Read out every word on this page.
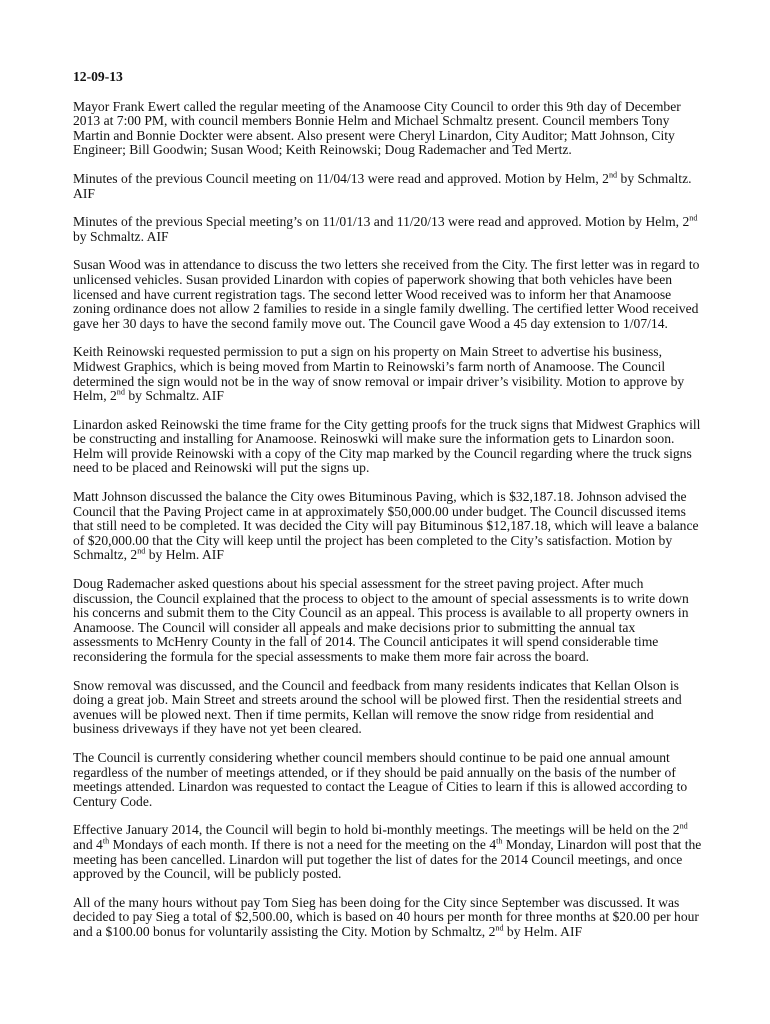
12-09-13

Mayor Frank Ewert called the regular meeting of the Anamoose City Council to order this 9th day of December 2013 at 7:00 PM, with council members Bonnie Helm and Michael Schmaltz present. Council members Tony Martin and Bonnie Dockter were absent. Also present were Cheryl Linardon, City Auditor; Matt Johnson, City Engineer; Bill Goodwin; Susan Wood; Keith Reinowski; Doug Rademacher and Ted Mertz.

Minutes of the previous Council meeting on 11/04/13 were read and approved. Motion by Helm, 2nd by Schmaltz. AIF

Minutes of the previous Special meeting’s on 11/01/13 and 11/20/13 were read and approved. Motion by Helm, 2nd by Schmaltz. AIF

Susan Wood was in attendance to discuss the two letters she received from the City. The first letter was in regard to unlicensed vehicles. Susan provided Linardon with copies of paperwork showing that both vehicles have been licensed and have current registration tags. The second letter Wood received was to inform her that Anamoose zoning ordinance does not allow 2 families to reside in a single family dwelling. The certified letter Wood received gave her 30 days to have the second family move out. The Council gave Wood a 45 day extension to 1/07/14.

Keith Reinowski requested permission to put a sign on his property on Main Street to advertise his business, Midwest Graphics, which is being moved from Martin to Reinowski’s farm north of Anamoose. The Council determined the sign would not be in the way of snow removal or impair driver’s visibility. Motion to approve by Helm, 2nd by Schmaltz. AIF

Linardon asked Reinowski the time frame for the City getting proofs for the truck signs that Midwest Graphics will be constructing and installing for Anamoose. Reinoswki will make sure the information gets to Linardon soon. Helm will provide Reinowski with a copy of the City map marked by the Council regarding where the truck signs need to be placed and Reinowski will put the signs up.

Matt Johnson discussed the balance the City owes Bituminous Paving, which is $32,187.18. Johnson advised the Council that the Paving Project came in at approximately $50,000.00 under budget. The Council discussed items that still need to be completed. It was decided the City will pay Bituminous $12,187.18, which will leave a balance of $20,000.00 that the City will keep until the project has been completed to the City’s satisfaction. Motion by Schmaltz, 2nd by Helm. AIF

Doug Rademacher asked questions about his special assessment for the street paving project. After much discussion, the Council explained that the process to object to the amount of special assessments is to write down his concerns and submit them to the City Council as an appeal. This process is available to all property owners in Anamoose. The Council will consider all appeals and make decisions prior to submitting the annual tax assessments to McHenry County in the fall of 2014. The Council anticipates it will spend considerable time reconsidering the formula for the special assessments to make them more fair across the board.

Snow removal was discussed, and the Council and feedback from many residents indicates that Kellan Olson is doing a great job. Main Street and streets around the school will be plowed first. Then the residential streets and avenues will be plowed next. Then if time permits, Kellan will remove the snow ridge from residential and business driveways if they have not yet been cleared.

The Council is currently considering whether council members should continue to be paid one annual amount regardless of the number of meetings attended, or if they should be paid annually on the basis of the number of meetings attended. Linardon was requested to contact the League of Cities to learn if this is allowed according to Century Code.

Effective January 2014, the Council will begin to hold bi-monthly meetings. The meetings will be held on the 2nd and 4th Mondays of each month. If there is not a need for the meeting on the 4th Monday, Linardon will post that the meeting has been cancelled. Linardon will put together the list of dates for the 2014 Council meetings, and once approved by the Council, will be publicly posted.

All of the many hours without pay Tom Sieg has been doing for the City since September was discussed. It was decided to pay Sieg a total of $2,500.00, which is based on 40 hours per month for three months at $20.00 per hour and a $100.00 bonus for voluntarily assisting the City. Motion by Schmaltz, 2nd by Helm. AIF
